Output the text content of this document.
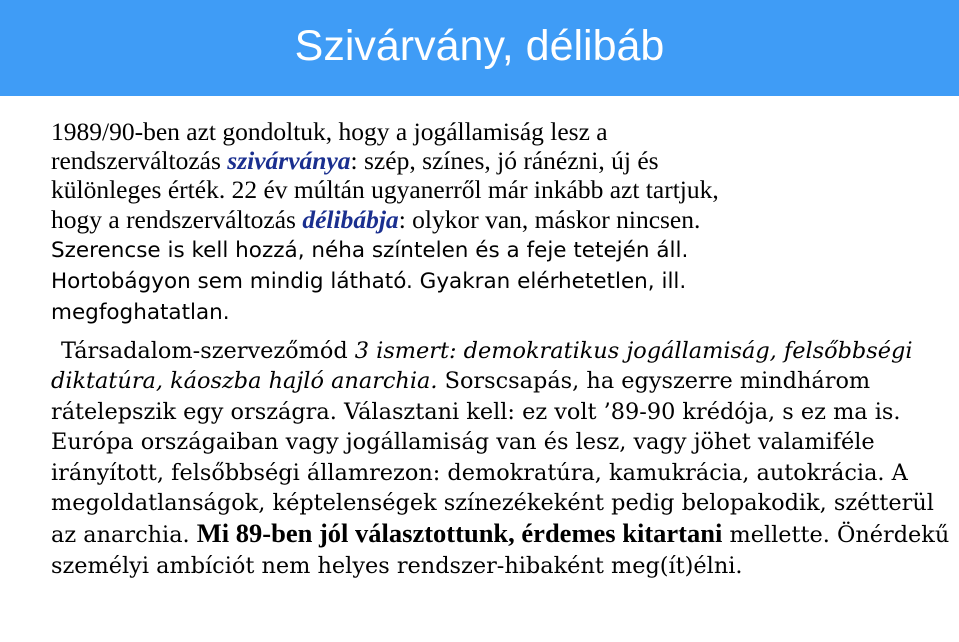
Szivárvány, délibáb
1989/90-ben azt gondoltuk, hogy a jogállamiság lesz a
rendszerváltozás szivárványa: szép, színes, jó ránézni, új és
különleges érték. 22 év múltán ugyanerről már inkább azt tartjuk,
hogy a rendszerváltozás délibábja: olykor van, máskor nincsen.
Szerencse is kell hozzá, néha színtelen és a feje tetején áll.
Hortobágyon sem mindig látható. Gyakran elérhetetlen, ill.
megfoghatatlan.
Társadalom-szervezőmód 3 ismert: demokratikus jogállamiság, felsőbbségi diktatúra, káoszba hajló anarchia. Sorscsapás, ha egyszerre mindhárom rátelepszik egy országra. Választani kell: ez volt ’89-90 krédója, s ez ma is. Európa országaiban vagy jogállamiság van és lesz, vagy jöhet valamiféle irányított, felsőbbségi államrezon: demokratúra, kamukrácia, autokrácia. A megoldatlanságok, képtelenségek színezékeként pedig belopakodik, szétterül az anarchia. Mi 89-ben jól választottunk, érdemes kitartani mellette. Önérdekű személyi ambíciót nem helyes rendszer-hibaként meg(ít)élni.
